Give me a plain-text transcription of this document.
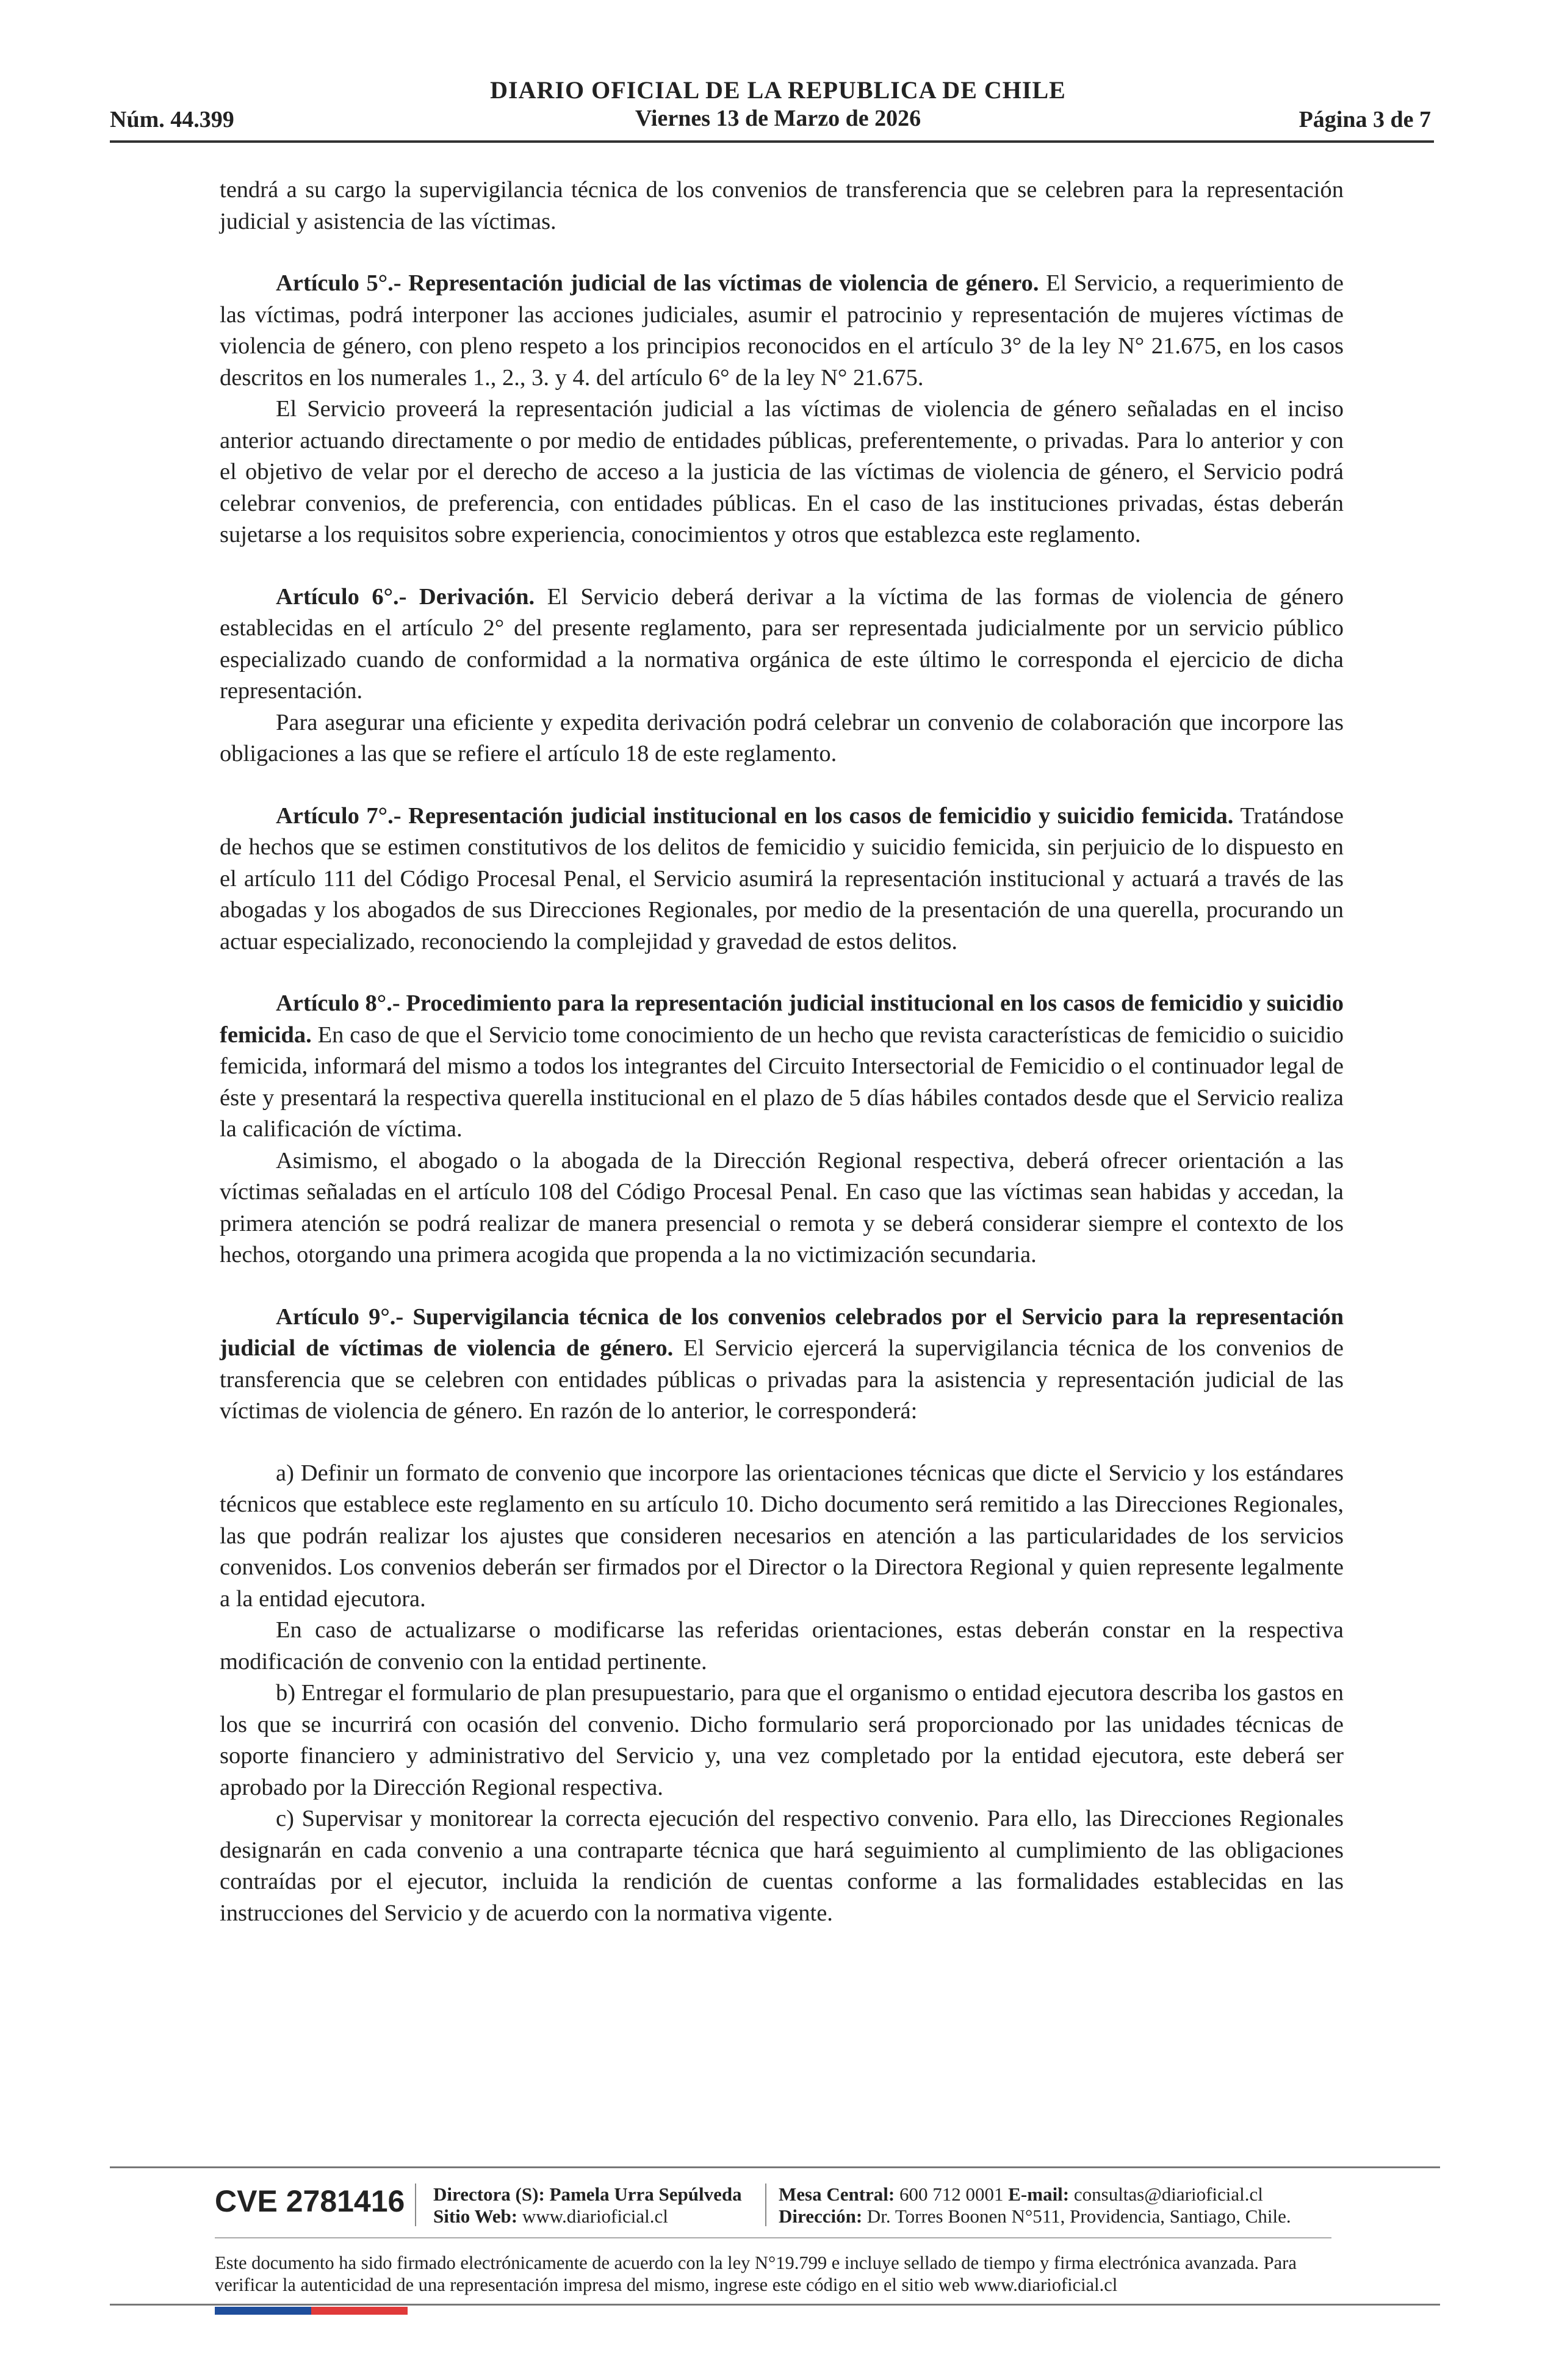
DIARIO OFICIAL DE LA REPUBLICA DE CHILE
Núm. 44.399	Viernes 13 de Marzo de 2026	Página 3 de 7

tendrá a su cargo la supervigilancia técnica de los convenios de transferencia que se celebren para la representación judicial y asistencia de las víctimas.

Artículo 5°.- Representación judicial de las víctimas de violencia de género. El Servicio, a requerimiento de las víctimas, podrá interponer las acciones judiciales, asumir el patrocinio y representación de mujeres víctimas de violencia de género, con pleno respeto a los principios reconocidos en el artículo 3° de la ley N° 21.675, en los casos descritos en los numerales 1., 2., 3. y 4. del artículo 6° de la ley N° 21.675.

El Servicio proveerá la representación judicial a las víctimas de violencia de género señaladas en el inciso anterior actuando directamente o por medio de entidades públicas, preferentemente, o privadas. Para lo anterior y con el objetivo de velar por el derecho de acceso a la justicia de las víctimas de violencia de género, el Servicio podrá celebrar convenios, de preferencia, con entidades públicas. En el caso de las instituciones privadas, éstas deberán sujetarse a los requisitos sobre experiencia, conocimientos y otros que establezca este reglamento.

Artículo 6°.- Derivación. El Servicio deberá derivar a la víctima de las formas de violencia de género establecidas en el artículo 2° del presente reglamento, para ser representada judicialmente por un servicio público especializado cuando de conformidad a la normativa orgánica de este último le corresponda el ejercicio de dicha representación.

Para asegurar una eficiente y expedita derivación podrá celebrar un convenio de colaboración que incorpore las obligaciones a las que se refiere el artículo 18 de este reglamento.

Artículo 7°.- Representación judicial institucional en los casos de femicidio y suicidio femicida. Tratándose de hechos que se estimen constitutivos de los delitos de femicidio y suicidio femicida, sin perjuicio de lo dispuesto en el artículo 111 del Código Procesal Penal, el Servicio asumirá la representación institucional y actuará a través de las abogadas y los abogados de sus Direcciones Regionales, por medio de la presentación de una querella, procurando un actuar especializado, reconociendo la complejidad y gravedad de estos delitos.

Artículo 8°.- Procedimiento para la representación judicial institucional en los casos de femicidio y suicidio femicida. En caso de que el Servicio tome conocimiento de un hecho que revista características de femicidio o suicidio femicida, informará del mismo a todos los integrantes del Circuito Intersectorial de Femicidio o el continuador legal de éste y presentará la respectiva querella institucional en el plazo de 5 días hábiles contados desde que el Servicio realiza la calificación de víctima.

Asimismo, el abogado o la abogada de la Dirección Regional respectiva, deberá ofrecer orientación a las víctimas señaladas en el artículo 108 del Código Procesal Penal. En caso que las víctimas sean habidas y accedan, la primera atención se podrá realizar de manera presencial o remota y se deberá considerar siempre el contexto de los hechos, otorgando una primera acogida que propenda a la no victimización secundaria.

Artículo 9°.- Supervigilancia técnica de los convenios celebrados por el Servicio para la representación judicial de víctimas de violencia de género. El Servicio ejercerá la supervigilancia técnica de los convenios de transferencia que se celebren con entidades públicas o privadas para la asistencia y representación judicial de las víctimas de violencia de género. En razón de lo anterior, le corresponderá:

a) Definir un formato de convenio que incorpore las orientaciones técnicas que dicte el Servicio y los estándares técnicos que establece este reglamento en su artículo 10. Dicho documento será remitido a las Direcciones Regionales, las que podrán realizar los ajustes que consideren necesarios en atención a las particularidades de los servicios convenidos. Los convenios deberán ser firmados por el Director o la Directora Regional y quien represente legalmente a la entidad ejecutora.

En caso de actualizarse o modificarse las referidas orientaciones, estas deberán constar en la respectiva modificación de convenio con la entidad pertinente.

b) Entregar el formulario de plan presupuestario, para que el organismo o entidad ejecutora describa los gastos en los que se incurrirá con ocasión del convenio. Dicho formulario será proporcionado por las unidades técnicas de soporte financiero y administrativo del Servicio y, una vez completado por la entidad ejecutora, este deberá ser aprobado por la Dirección Regional respectiva.

c) Supervisar y monitorear la correcta ejecución del respectivo convenio. Para ello, las Direcciones Regionales designarán en cada convenio a una contraparte técnica que hará seguimiento al cumplimiento de las obligaciones contraídas por el ejecutor, incluida la rendición de cuentas conforme a las formalidades establecidas en las instrucciones del Servicio y de acuerdo con la normativa vigente.

CVE 2781416 Directora (S): Pamela Urra Sepúlveda
Sitio Web: www.diarioficial.cl
Mesa Central: 600 712 0001 E-mail: consultas@diarioficial.cl
Dirección: Dr. Torres Boonen N°511, Providencia, Santiago, Chile.
Este documento ha sido firmado electrónicamente de acuerdo con la ley N°19.799 e incluye sellado de tiempo y firma electrónica avanzada. Para verificar la autenticidad de una representación impresa del mismo, ingrese este código en el sitio web www.diarioficial.cl
